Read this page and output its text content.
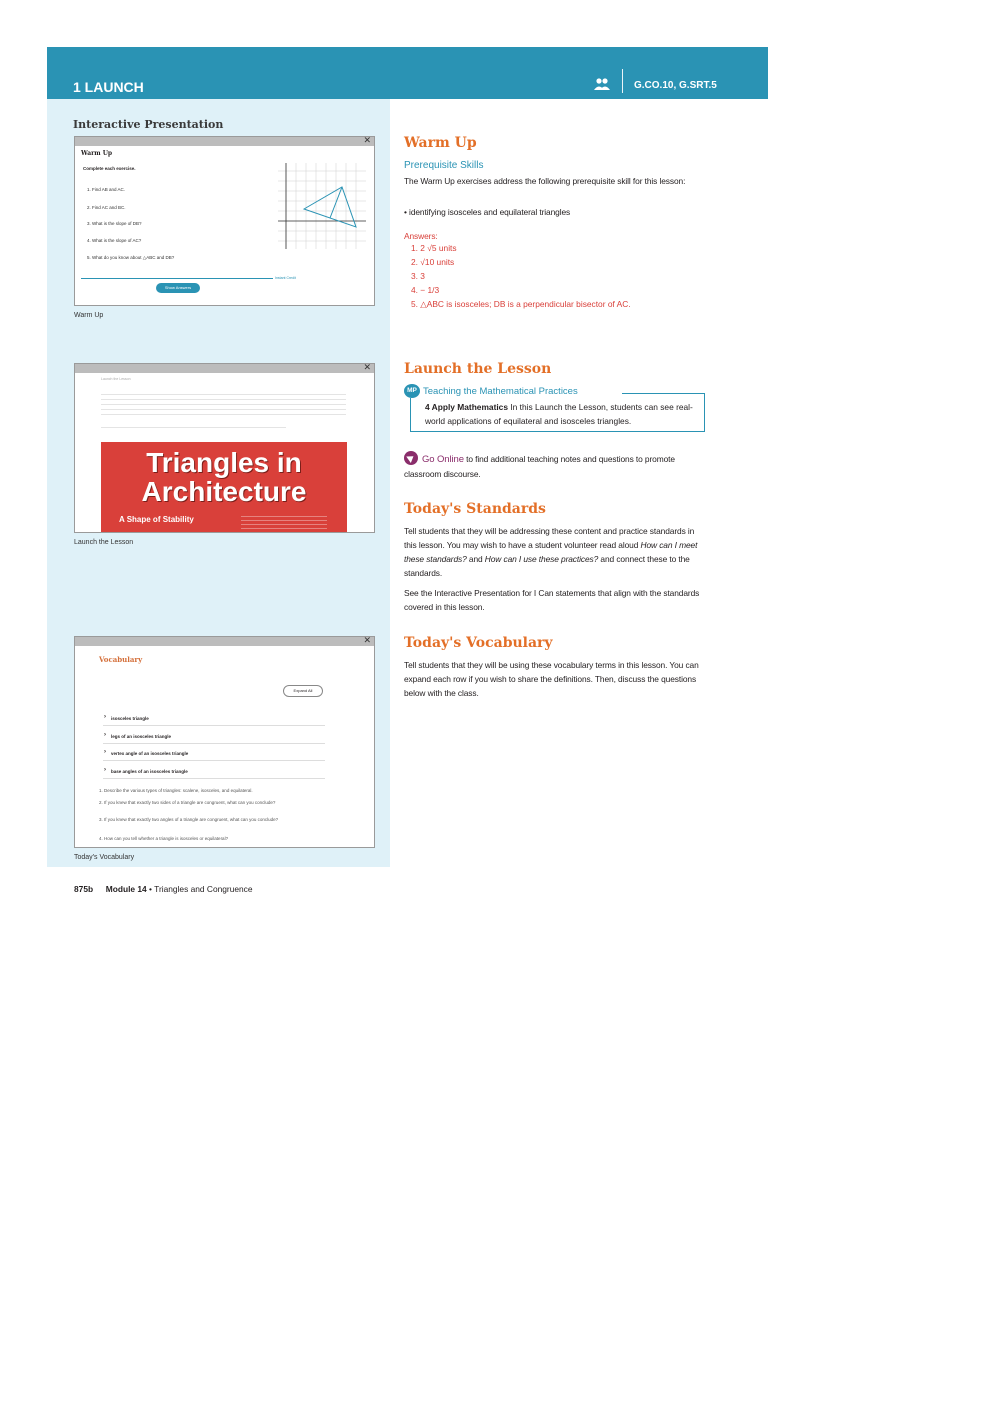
1 LAUNCH	G.CO.10, G.SRT.5
Interactive Presentation
✕
Warm Up
Complete each exercise.
1. Find AB and AC.
2. Find AC and BC.
3. What is the slope of DB?
4. What is the slope of AC?
5. What do you know about △ABC and DB?
Instant Credit
Show Answers
Warm Up
✕
Launch the Lesson
Triangles in
Architecture
A Shape of Stability
Launch the Lesson
✕
Vocabulary
Expand All
› isosceles triangle
› legs of an isosceles triangle
› vertex angle of an isosceles triangle
› base angles of an isosceles triangle
1. Describe the various types of triangles: scalene, isosceles, and equilateral.
2. If you knew that exactly two sides of a triangle are congruent, what can you conclude?
3. If you knew that exactly two angles of a triangle are congruent, what can you conclude?
4. How can you tell whether a triangle is isosceles or equilateral?
Today's Vocabulary
Warm Up
Prerequisite Skills
The Warm Up exercises address the following prerequisite skill for this lesson:
• identifying isosceles and equilateral triangles
Answers:
1. 2 √5 units
2. √10 units
3. 3
4. − 1/3
5. △ABC is isosceles; DB is a perpendicular bisector of AC.
Launch the Lesson
MP Teaching the Mathematical Practices
4 Apply Mathematics In this Launch the Lesson, students can see real-world applications of equilateral and isosceles triangles.
Go Online to find additional teaching notes and questions to promote classroom discourse.
Today's Standards
Tell students that they will be addressing these content and practice standards in this lesson. You may wish to have a student volunteer read aloud How can I meet these standards? and How can I use these practices? and connect these to the standards.
See the Interactive Presentation for I Can statements that align with the standards covered in this lesson.
Today's Vocabulary
Tell students that they will be using these vocabulary terms in this lesson. You can expand each row if you wish to share the definitions. Then, discuss the questions below with the class.
875b Module 14 • Triangles and Congruence
